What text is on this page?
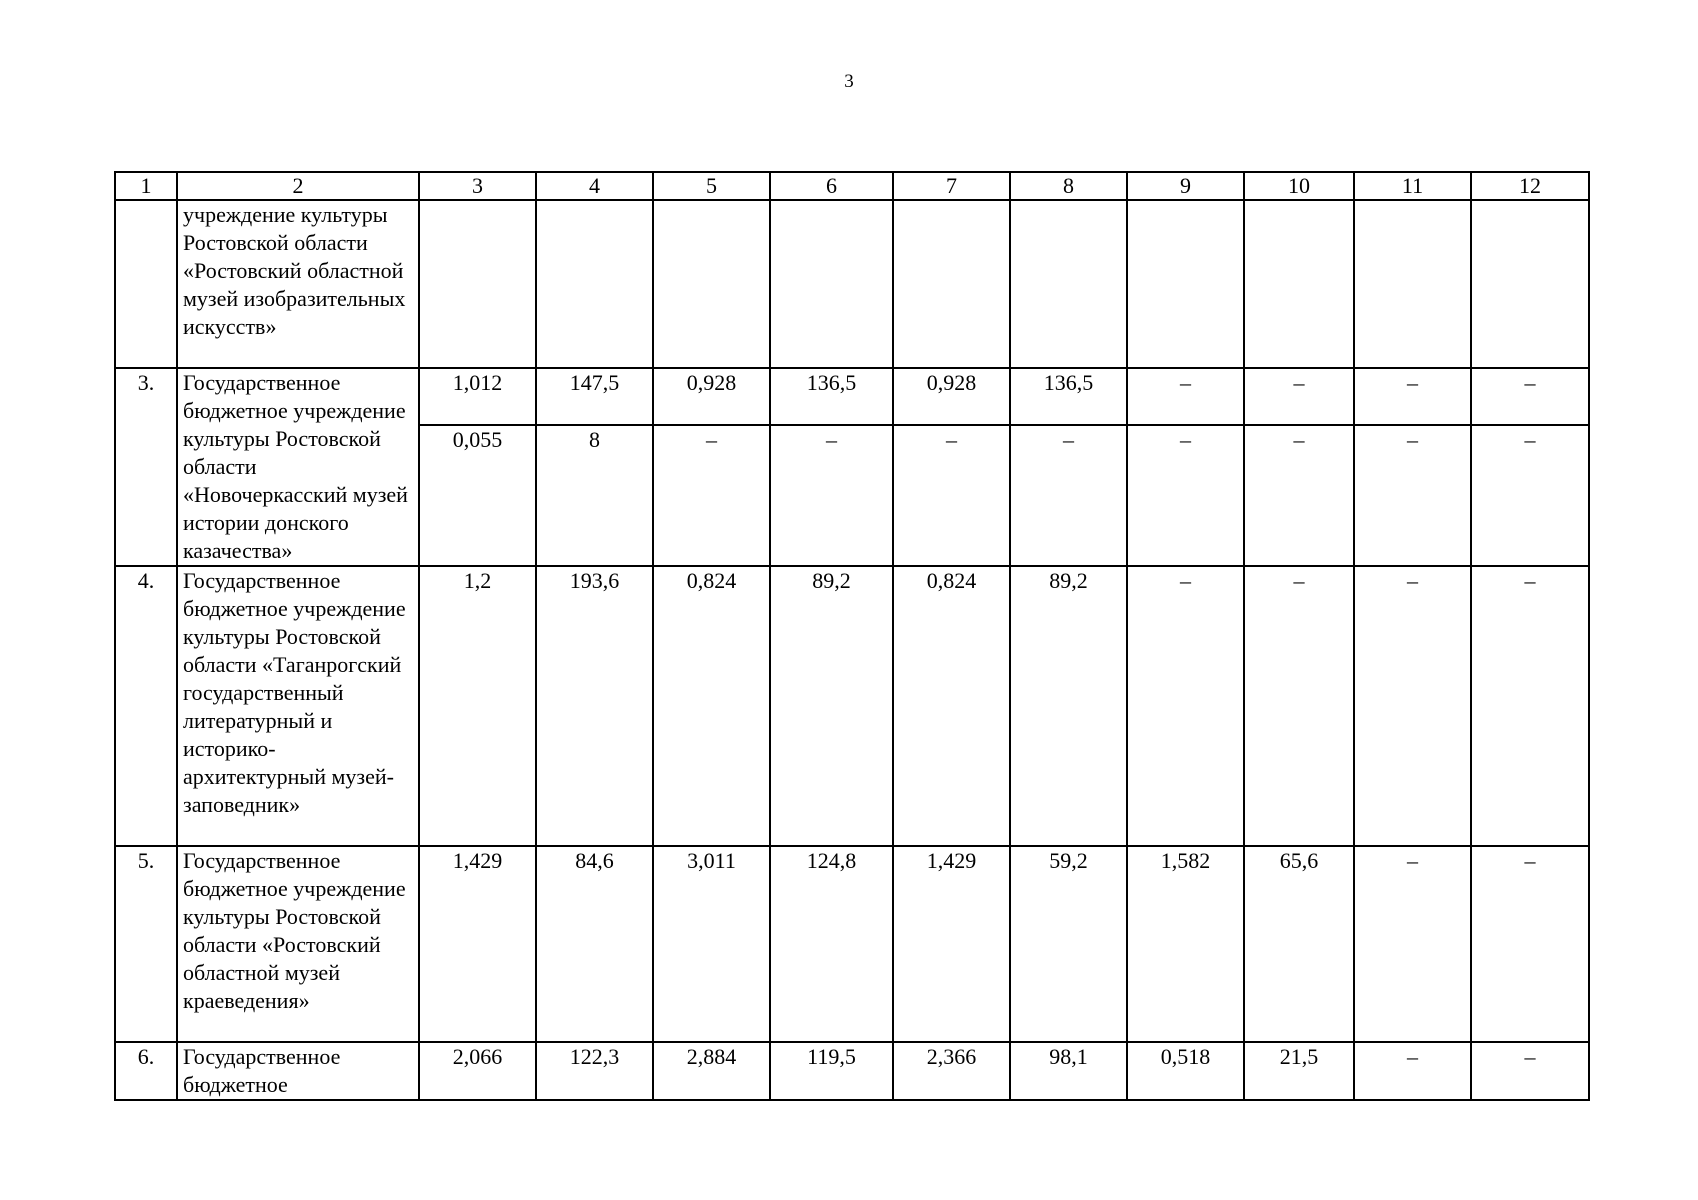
3
1	2	3	4	5	6	7	8	9	10	11	12
	учреждение культуры Ростовской области «Ростовский областной музей изобразительных искусств»										
3.	Государственное бюджетное учреждение культуры Ростовской области «Новочеркасский музей истории донского казачества»	1,012	147,5	0,928	136,5	0,928	136,5	–	–	–	–
		0,055	8	–	–	–	–	–	–	–	–
4.	Государственное бюджетное учреждение культуры Ростовской области «Таганрогский государственный литературный и историко-архитектурный музей-заповедник»	1,2	193,6	0,824	89,2	0,824	89,2	–	–	–	–
5.	Государственное бюджетное учреждение культуры Ростовской области «Ростовский областной музей краеведения»	1,429	84,6	3,011	124,8	1,429	59,2	1,582	65,6	–	–
6.	Государственное бюджетное	2,066	122,3	2,884	119,5	2,366	98,1	0,518	21,5	–	–
